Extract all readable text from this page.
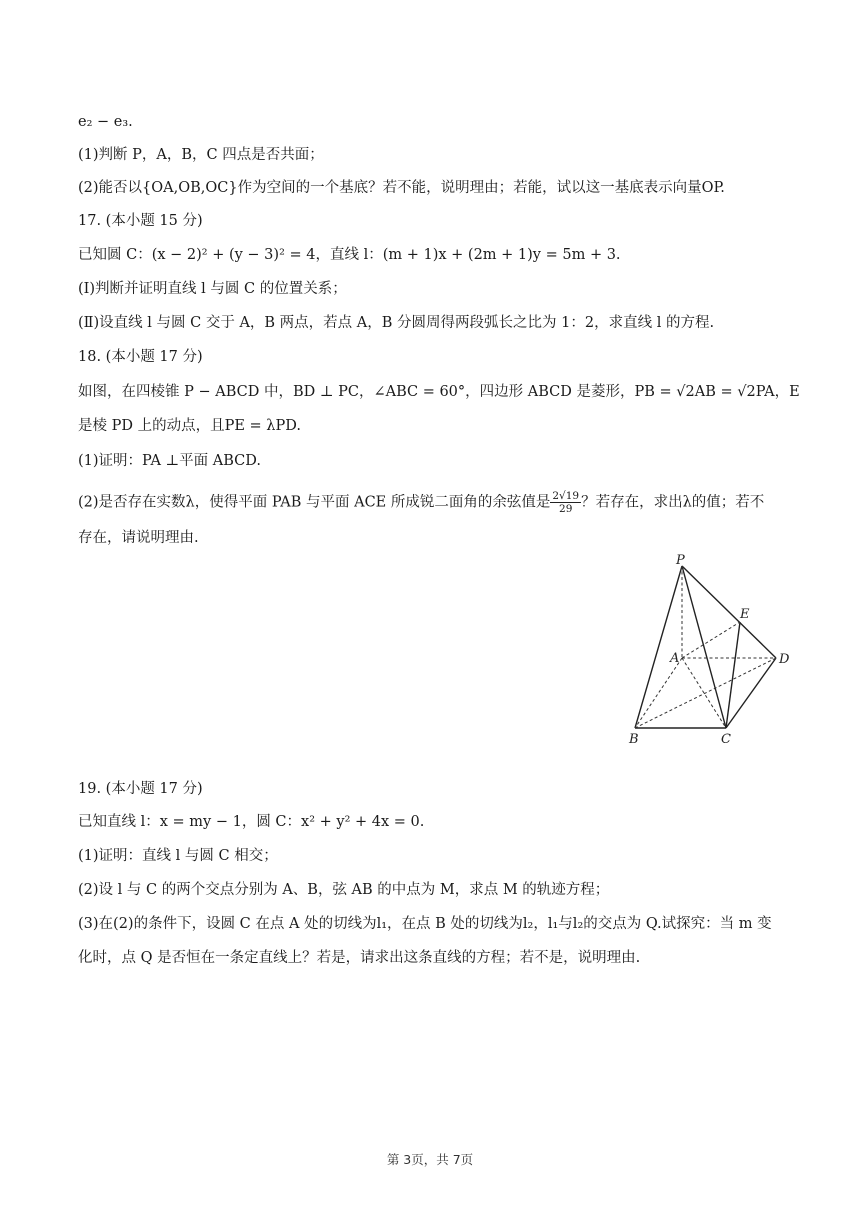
e₂ − e₃.
(1)判断 P，A，B，C 四点是否共面；
(2)能否以{OA,OB,OC}作为空间的一个基底？若不能，说明理由；若能，试以这一基底表示向量OP.
17. (本小题 15 分)
已知圆 C：(x − 2)² + (y − 3)² = 4，直线 l：(m + 1)x + (2m + 1)y = 5m + 3.
(Ⅰ)判断并证明直线 l 与圆 C 的位置关系；
(Ⅱ)设直线 l 与圆 C 交于 A，B 两点，若点 A，B 分圆周得两段弧长之比为 1：2，求直线 l 的方程.
18. (本小题 17 分)
如图，在四棱锥 P − ABCD 中，BD ⊥ PC，∠ABC = 60°，四边形 ABCD 是菱形，PB = √2AB = √2PA，E
是棱 PD 上的动点，且PE = λPD.
(1)证明：PA ⊥平面 ABCD.
(2)是否存在实数λ，使得平面 PAB 与平面 ACE 所成锐二面角的余弦值是 $\frac{2√19}{29}$ ？若存在，求出λ的值；若不
存在，请说明理由.
P
E
A	D
B	C
19. (本小题 17 分)
已知直线 l：x = my − 1，圆 C：x² + y² + 4x = 0.
(1)证明：直线 l 与圆 C 相交；
(2)设 l 与 C 的两个交点分别为 A、B，弦 AB 的中点为 M，求点 M 的轨迹方程；
(3)在(2)的条件下，设圆 C 在点 A 处的切线为l₁，在点 B 处的切线为l₂，l₁与l₂的交点为 Q.试探究：当 m 变
化时，点 Q 是否恒在一条定直线上？若是，请求出这条直线的方程；若不是，说明理由.
第 3页，共 7页
